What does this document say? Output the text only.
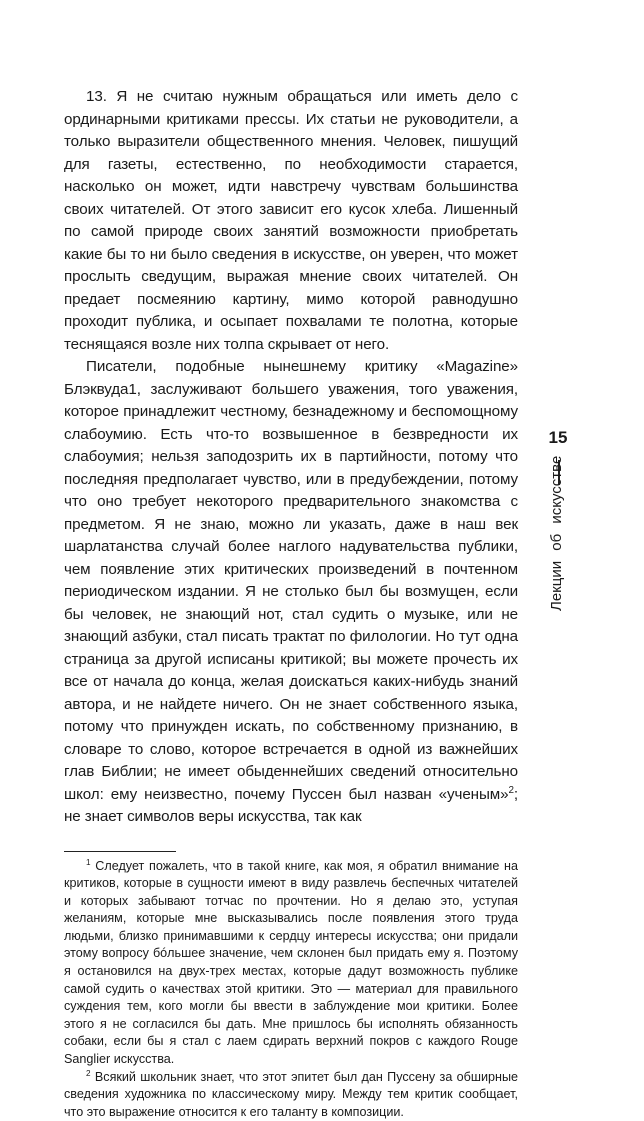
13. Я не считаю нужным обращаться или иметь дело с ординарными критиками прессы. Их статьи не руководители, а только выразители общественного мнения. Человек, пишущий для газеты, естественно, по необходимости старается, насколько он может, идти навстречу чувствам большинства своих читателей. От этого зависит его кусок хлеба. Лишенный по самой природе своих занятий возможности приобретать какие бы то ни было сведения в искусстве, он уверен, что может прослыть сведущим, выражая мнение своих читателей. Он предает посмеянию картину, мимо которой равнодушно проходит публика, и осыпает похвалами те полотна, которые теснящаяся возле них толпа скрывает от него.

Писатели, подобные нынешнему критику «Magazine» Блэквуда1, заслуживают большего уважения, того уважения, которое принадлежит честному, безнадежному и беспомощному слабоумию. Есть что-то возвышенное в безвредности их слабоумия; нельзя заподозрить их в партийности, потому что последняя предполагает чувство, или в предубеждении, потому что оно требует некоторого предварительного знакомства с предметом. Я не знаю, можно ли указать, даже в наш век шарлатанства случай более наглого надувательства публики, чем появление этих критических произведений в почтенном периодическом издании. Я не столько был бы возмущен, если бы человек, не знающий нот, стал судить о музыке, или не знающий азбуки, стал писать трактат по филологии. Но тут одна страница за другой исписаны критикой; вы можете прочесть их все от начала до конца, желая доискаться каких-нибудь знаний автора, и не найдете ничего. Он не знает собственного языка, потому что принужден искать, по собственному признанию, в словаре то слово, которое встречается в одной из важнейших глав Библии; не имеет обыденнейших сведений относительно школ: ему неизвестно, почему Пуссен был назван «ученым»$^2$; не знает символов веры искусства, так как

$^1$ Следует пожалеть, что в такой книге, как моя, я обратил внимание на критиков, которые в сущности имеют в виду развлечь беспечных читателей и которых забывают тотчас по прочтении. Но я делаю это, уступая желаниям, которые мне высказывались после появления этого труда людьми, близко принимавшими к сердцу интересы искусства; они придали этому вопросу бóльшее значение, чем склонен был придать ему я. Поэтому я остановился на двух-трех местах, которые дадут возможность публике самой судить о качествах этой критики. Это — материал для правильного суждения тем, кого могли бы ввести в заблуждение мои критики. Более этого я не согласился бы дать. Мне пришлось бы исполнять обязанность собаки, если бы я стал с лаем сдирать верхний покров с каждого Rouge Sanglier искусства.

$^2$ Всякий школьник знает, что этот эпитет был дан Пуссену за обширные сведения художника по классическому миру. Между тем критик сообщает, что это выражение относится к его таланту в композиции.

15
Лекции об искусстве
